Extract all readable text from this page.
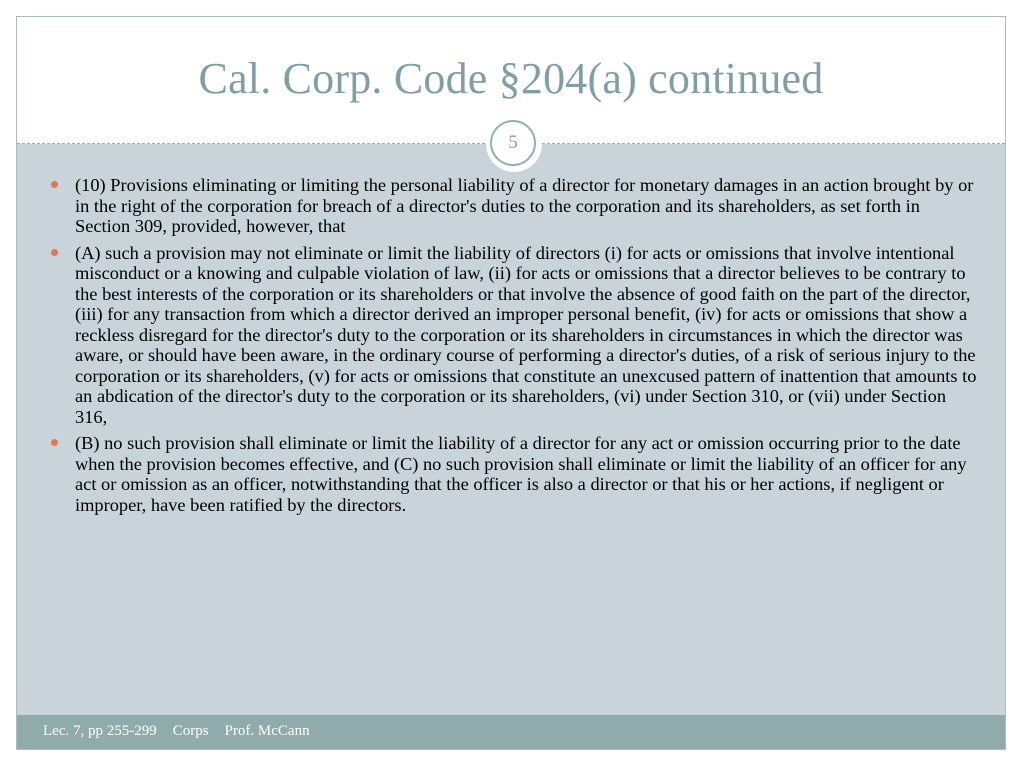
Cal. Corp. Code §204(a) continued
5
(10) Provisions eliminating or limiting the personal liability of a director for monetary damages in an action brought by or in the right of the corporation for breach of a director's duties to the corporation and its shareholders, as set forth in Section 309, provided, however, that
(A) such a provision may not eliminate or limit the liability of directors (i) for acts or omissions that involve intentional misconduct or a knowing and culpable violation of law, (ii) for acts or omissions that a director believes to be contrary to the best interests of the corporation or its shareholders or that involve the absence of good faith on the part of the director, (iii) for any transaction from which a director derived an improper personal benefit, (iv) for acts or omissions that show a reckless disregard for the director's duty to the corporation or its shareholders in circumstances in which the director was aware, or should have been aware, in the ordinary course of performing a director's duties, of a risk of serious injury to the corporation or its shareholders, (v) for acts or omissions that constitute an unexcused pattern of inattention that amounts to an abdication of the director's duty to the corporation or its shareholders, (vi) under Section 310, or (vii) under Section 316,
(B) no such provision shall eliminate or limit the liability of a director for any act or omission occurring prior to the date when the provision becomes effective, and (C) no such provision shall eliminate or limit the liability of an officer for any act or omission as an officer, notwithstanding that the officer is also a director or that his or her actions, if negligent or improper, have been ratified by the directors.
Lec. 7, pp 255-299 Corps Prof. McCann
